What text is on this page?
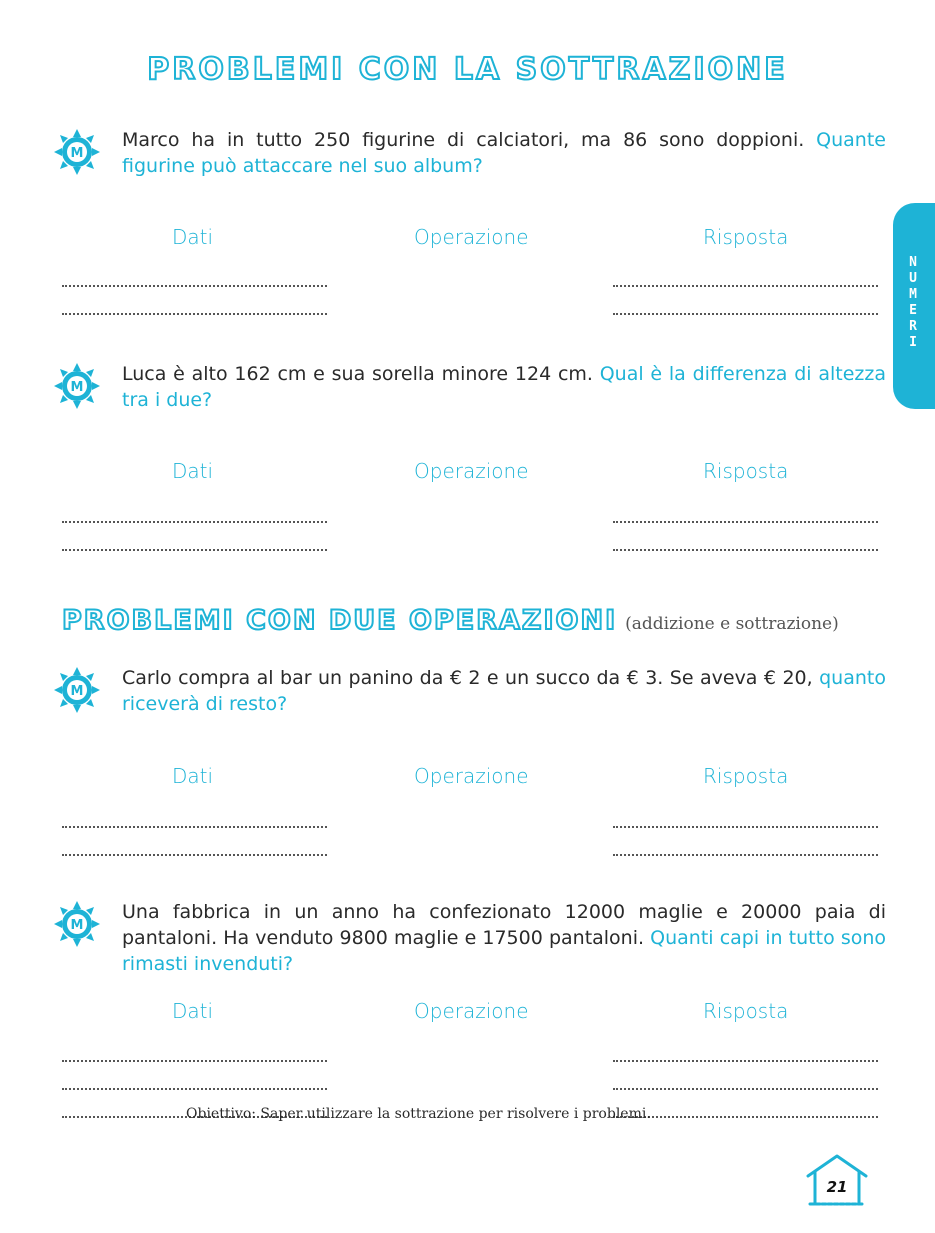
PROBLEMI CON LA SOTTRAZIONE
NUMERI
M
Marco ha in tutto 250 figurine di calciatori, ma 86 sono doppioni. Quante figurine può attaccare nel suo album?
Dati	Operazione	Risposta
M
Luca è alto 162 cm e sua sorella minore 124 cm. Qual è la differenza di altezza tra i due?
Dati	Operazione	Risposta
PROBLEMI CON DUE OPERAZIONI (addizione e sottrazione)
M
Carlo compra al bar un panino da € 2 e un succo da € 3. Se aveva € 20, quanto riceverà di resto?
Dati	Operazione	Risposta
M
Una fabbrica in un anno ha confezionato 12000 maglie e 20000 paia di pantaloni. Ha venduto 9800 maglie e 17500 pantaloni. Quanti capi in tutto sono rimasti invenduti?
Dati	Operazione	Risposta
Obiettivo: Saper utilizzare la sottrazione per risolvere i problemi.
21
